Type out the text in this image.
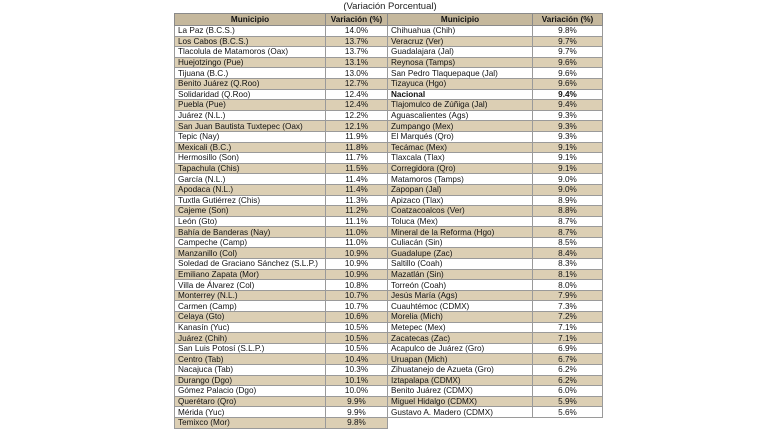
(Variación Porcentual)
Municipio	Variación (%)
La Paz (B.C.S.)	14.0%
Los Cabos (B.C.S.)	13.7%
Tlacolula de Matamoros (Oax)	13.7%
Huejotzingo (Pue)	13.1%
Tijuana (B.C.)	13.0%
Benito Juárez (Q.Roo)	12.7%
Solidaridad (Q.Roo)	12.4%
Puebla (Pue)	12.4%
Juárez (N.L.)	12.2%
San Juan Bautista Tuxtepec (Oax)	12.1%
Tepic (Nay)	11.9%
Mexicali (B.C.)	11.8%
Hermosillo (Son)	11.7%
Tapachula (Chis)	11.5%
García (N.L.)	11.4%
Apodaca (N.L.)	11.4%
Tuxtla Gutiérrez (Chis)	11.3%
Cajeme (Son)	11.2%
León (Gto)	11.1%
Bahía de Banderas (Nay)	11.0%
Campeche (Camp)	11.0%
Manzanillo (Col)	10.9%
Soledad de Graciano Sánchez (S.L.P.)	10.9%
Emiliano Zapata (Mor)	10.9%
Villa de Álvarez (Col)	10.8%
Monterrey (N.L.)	10.7%
Carmen (Camp)	10.7%
Celaya (Gto)	10.6%
Kanasín (Yuc)	10.5%
Juárez (Chih)	10.5%
San Luis Potosí (S.L.P.)	10.5%
Centro (Tab)	10.4%
Nacajuca (Tab)	10.3%
Durango (Dgo)	10.1%
Gómez Palacio (Dgo)	10.0%
Querétaro (Qro)	9.9%
Mérida (Yuc)	9.9%
Temixco (Mor)	9.8%
Municipio	Variación (%)
Chihuahua (Chih)	9.8%
Veracruz (Ver)	9.7%
Guadalajara (Jal)	9.7%
Reynosa (Tamps)	9.6%
San Pedro Tlaquepaque (Jal)	9.6%
Tizayuca (Hgo)	9.6%
Nacional	9.4%
Tlajomulco de Zúñiga (Jal)	9.4%
Aguascalientes (Ags)	9.3%
Zumpango (Mex)	9.3%
El Marqués (Qro)	9.3%
Tecámac (Mex)	9.1%
Tlaxcala (Tlax)	9.1%
Corregidora (Qro)	9.1%
Matamoros (Tamps)	9.0%
Zapopan (Jal)	9.0%
Apizaco (Tlax)	8.9%
Coatzacoalcos (Ver)	8.8%
Toluca (Mex)	8.7%
Mineral de la Reforma (Hgo)	8.7%
Culiacán (Sin)	8.5%
Guadalupe (Zac)	8.4%
Saltillo (Coah)	8.3%
Mazatlán (Sin)	8.1%
Torreón (Coah)	8.0%
Jesús María (Ags)	7.9%
Cuauhtémoc (CDMX)	7.3%
Morelia (Mich)	7.2%
Metepec (Mex)	7.1%
Zacatecas (Zac)	7.1%
Acapulco de Juárez (Gro)	6.9%
Uruapan (Mich)	6.7%
Zihuatanejo de Azueta (Gro)	6.2%
Iztapalapa (CDMX)	6.2%
Benito Juárez (CDMX)	6.0%
Miguel Hidalgo (CDMX)	5.9%
Gustavo A. Madero (CDMX)	5.6%
